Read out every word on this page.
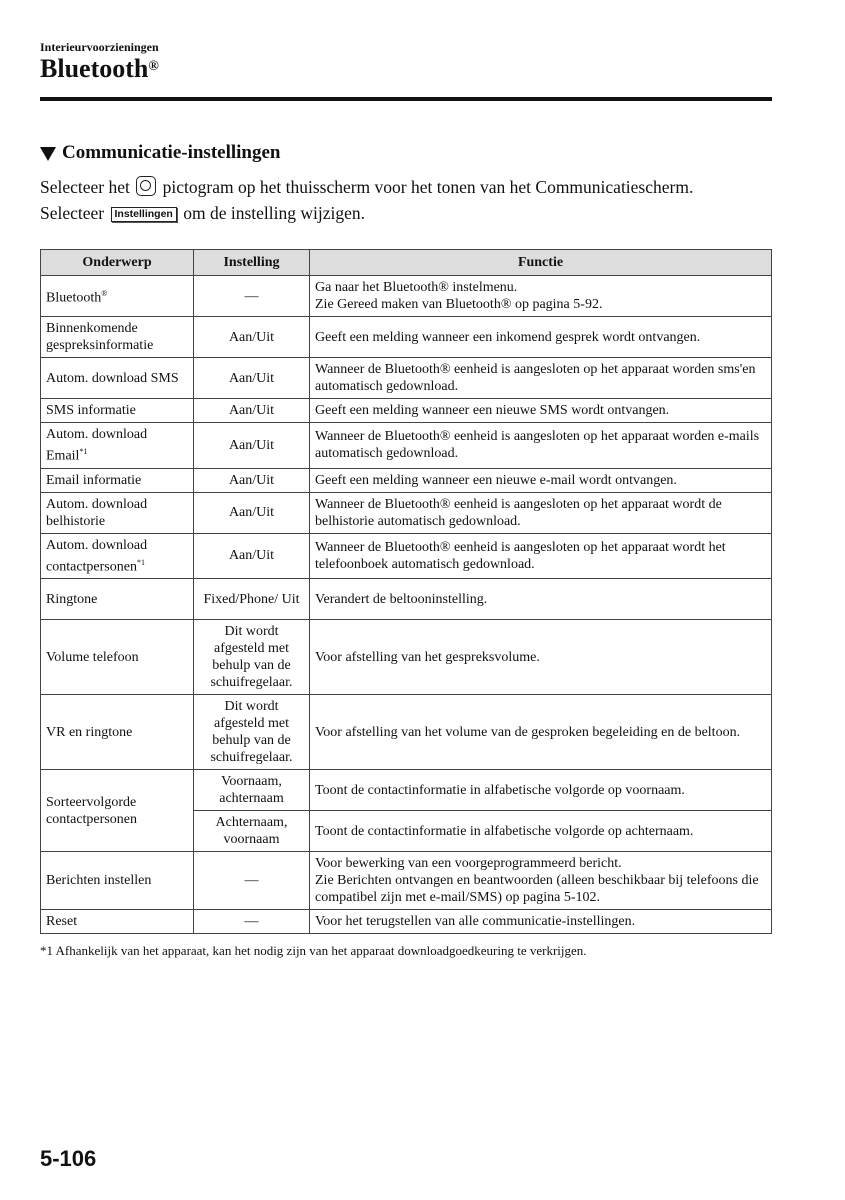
Interieurvoorzieningen
Bluetooth®
Communicatie-instellingen
Selecteer het pictogram op het thuisscherm voor het tonen van het Communicatiescherm.
Selecteer Instellingen om de instelling wijzigen.
Onderwerp	Instelling	Functie
Bluetooth®	—	Ga naar het Bluetooth® instelmenu.
Zie Gereed maken van Bluetooth® op pagina 5-92.

Binnenkomende gespreksinformatie	Aan/Uit	Geeft een melding wanneer een inkomend gesprek wordt ontvangen.
Autom. download SMS	Aan/Uit	Wanneer de Bluetooth® eenheid is aangesloten op het apparaat worden sms'en automatisch gedownload.
SMS informatie	Aan/Uit	Geeft een melding wanneer een nieuwe SMS wordt ontvangen.
Autom. download Email$^{*1}$	Aan/Uit	Wanneer de Bluetooth® eenheid is aangesloten op het apparaat worden e-mails automatisch gedownload.
Email informatie	Aan/Uit	Geeft een melding wanneer een nieuwe e-mail wordt ontvangen.
Autom. download belhistorie	Aan/Uit	Wanneer de Bluetooth® eenheid is aangesloten op het apparaat wordt de belhistorie automatisch gedownload.
Autom. download contactpersonen$^{*1}$	Aan/Uit	Wanneer de Bluetooth® eenheid is aangesloten op het apparaat wordt het telefoonboek automatisch gedownload.
Ringtone	Fixed/Phone/ Uit	Verandert de beltooninstelling.
Volume telefoon	Dit wordt afgesteld met behulp van de schuifregelaar.	Voor afstelling van het gespreksvolume.
VR en ringtone	Dit wordt afgesteld met behulp van de schuifregelaar.	Voor afstelling van het volume van de gesproken begeleiding en de beltoon.
Sorteervolgorde contactpersonen	Voornaam, achternaam	Toont de contactinformatie in alfabetische volgorde op voornaam.
	Achternaam, voornaam	Toont de contactinformatie in alfabetische volgorde op achternaam.
Berichten instellen	—	Voor bewerking van een voorgeprogrammeerd bericht.
Zie Berichten ontvangen en beantwoorden (alleen beschikbaar bij telefoons die compatibel zijn met e-mail/SMS) op pagina 5-102.

Reset	—	Voor het terugstellen van alle communicatie-instellingen.
*1 Afhankelijk van het apparaat, kan het nodig zijn van het apparaat downloadgoedkeuring te verkrijgen.
5-106
